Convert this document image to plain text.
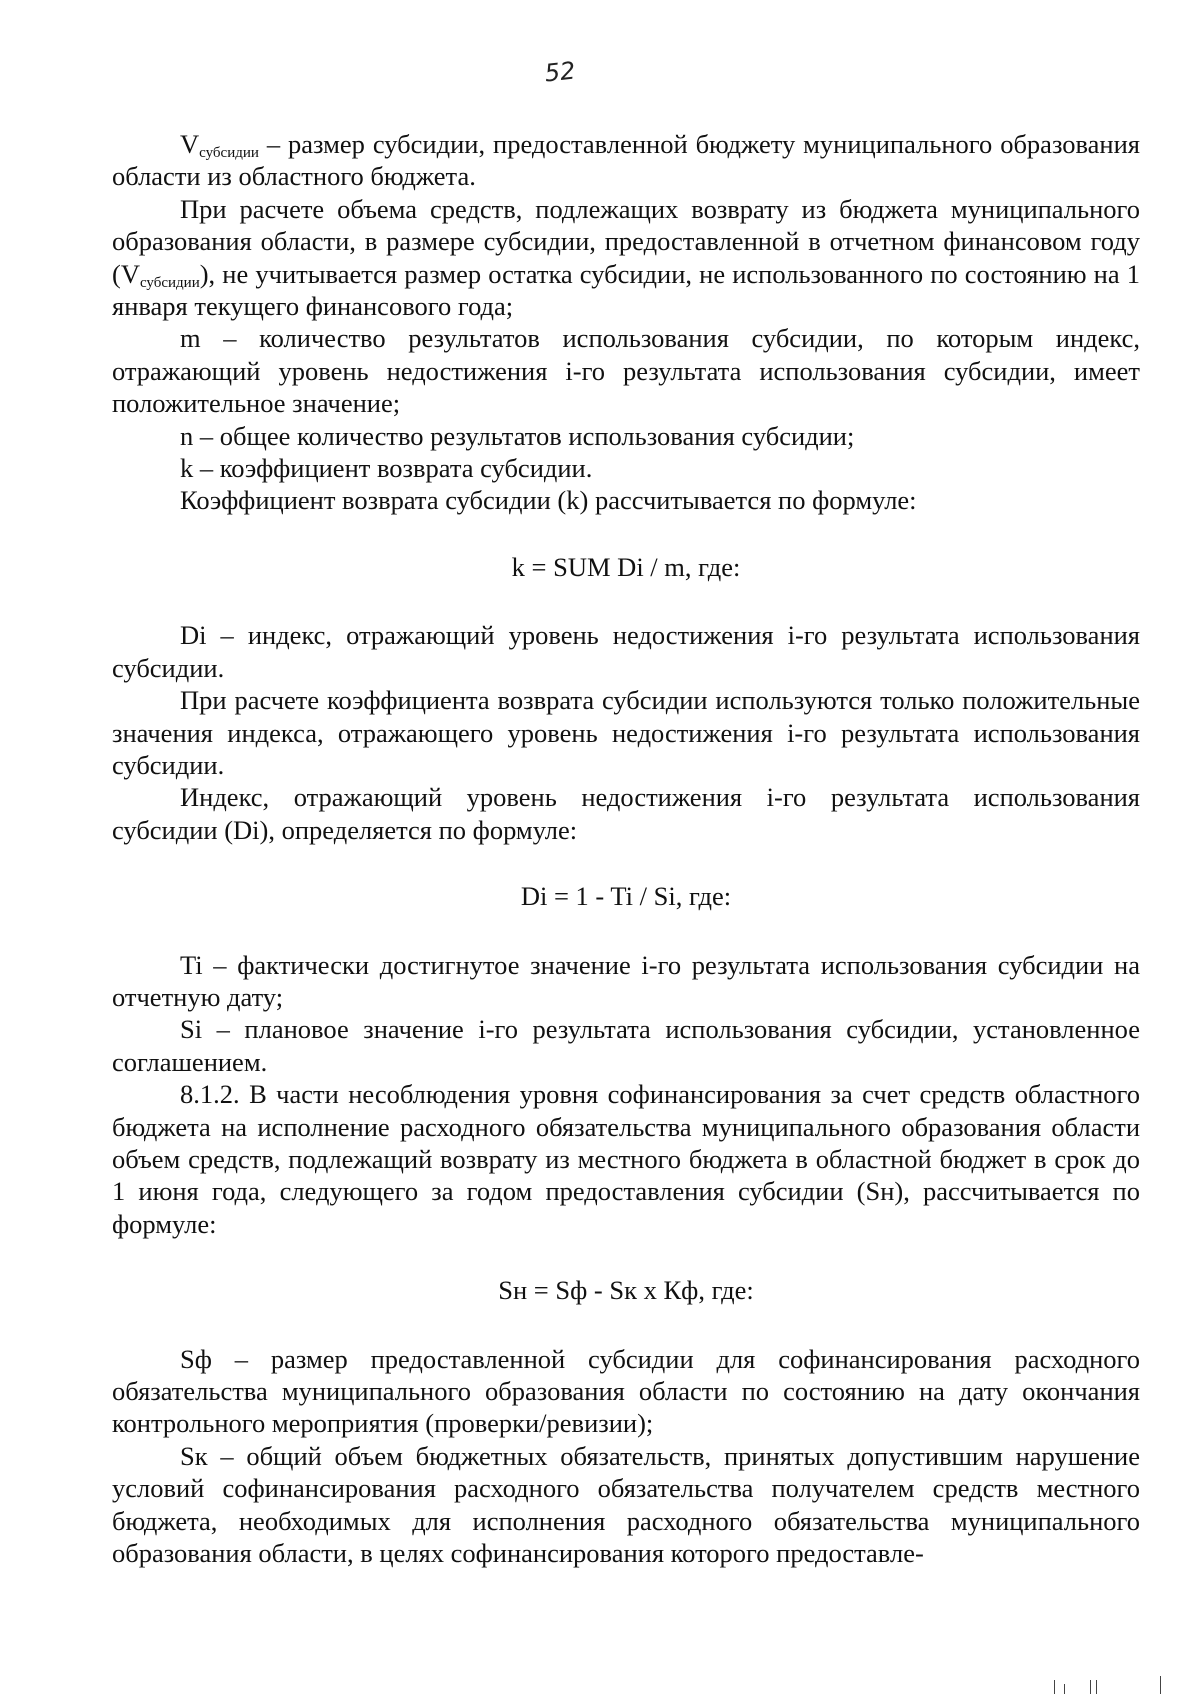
52

$V_{субсидии}$ – размер субсидии, предоставленной бюджету муниципального образования области из областного бюджета.

При расчете объема средств, подлежащих возврату из бюджета муниципального образования области, в размере субсидии, предоставленной в отчетном финансовом году $(V_{субсидии})$, не учитывается размер остатка субсидии, не использованного по состоянию на 1 января текущего финансового года;

m – количество результатов использования субсидии, по которым индекс, отражающий уровень недостижения i-го результата использования субсидии, имеет положительное значение;

n – общее количество результатов использования субсидии;

k – коэффициент возврата субсидии.

Коэффициент возврата субсидии (k) рассчитывается по формуле:

k = SUM Di / m, где:

Di – индекс, отражающий уровень недостижения i-го результата использования субсидии.

При расчете коэффициента возврата субсидии используются только положительные значения индекса, отражающего уровень недостижения i-го результата использования субсидии.

Индекс, отражающий уровень недостижения i-го результата использования субсидии (Di), определяется по формуле:

Di = 1 - Ti / Si, где:

Ti – фактически достигнутое значение i-го результата использования субсидии на отчетную дату;

Si – плановое значение i-го результата использования субсидии, установленное соглашением.

8.1.2. В части несоблюдения уровня софинансирования за счет средств областного бюджета на исполнение расходного обязательства муниципального образования области объем средств, подлежащий возврату из местного бюджета в областной бюджет в срок до 1 июня года, следующего за годом предоставления субсидии (Sн), рассчитывается по формуле:

Sн = Sф - Sк x Кф, где:

Sф – размер предоставленной субсидии для софинансирования расходного обязательства муниципального образования области по состоянию на дату окончания контрольного мероприятия (проверки/ревизии);

Sк – общий объем бюджетных обязательств, принятых допустившим нарушение условий софинансирования расходного обязательства получателем средств местного бюджета, необходимых для исполнения расходного обязательства муниципального образования области, в целях софинансирования которого предоставле-
